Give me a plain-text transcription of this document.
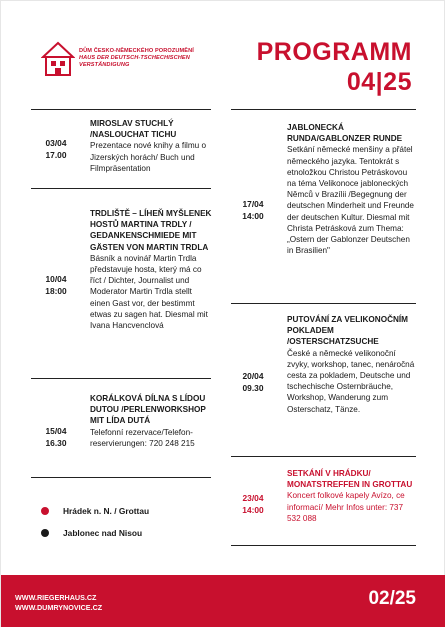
DŮM ČESKO-NĚMECKÉHO POROZUMĚNÍ
HAUS DER DEUTSCH-TSCHECHISCHEN
VERSTÄNDIGUNG	PROGRAMM
04|25
03/04
17.00
MIROSLAV STUCHLÝ /NASLOUCHAT TICHU
Prezentace nové knihy a filmu o Jizerských horách/ Buch und Filmpräsentation
10/04
18:00
TRDLIŠTĚ – LÍHEŇ MYŠLENEK HOSTŮ MARTINA TRDLY / GEDANKENSCHMIEDE MIT GÄSTEN VON MARTIN TRDLA
Básník a novinář Martin Trdla představuje hosta, který má co říct / Dichter, Journalist und Moderator Martin Trdla stellt einen Gast vor, der bestimmt etwas zu sagen hat. Diesmal mit Ivana Hancvenclová
15/04
16.30
KORÁLKOVÁ DÍLNA S LÍDOU DUTOU /PERLENWORKSHOP MIT LÍDA DUTÁ
Telefonní rezervace/Telefon-reservierungen: 720 248 215
Hrádek n. N. / Grottau
Jablonec nad Nisou
17/04
14:00
JABLONECKÁ RUNDA/GABLONZER RUNDE
Setkání německé menšiny a přátel německého jazyka. Tentokrát s etnoložkou Christou Petráskovou na téma Velikonoce jabloneckých Němců v Brazílii /Begegnung der deutschen Minderheit und Freunde der deutschen Kultur. Diesmal mit Christa Petrásková zum Thema: „Ostern der Gablonzer Deutschen in Brasilien"
20/04
09.30
PUTOVÁNÍ ZA VELIKONOČNÍM POKLADEM /OSTERSCHATZSUCHE
České a německé velikonoční zvyky, workshop, tanec, nenáročná cesta za pokladem, Deutsche und tschechische Osternbräuche, Workshop, Wanderung zum Osterschatz, Tänze.
23/04
14:00
SETKÁNÍ V HRÁDKU/ MONATSTREFFEN IN GROTTAU
Koncert folkové kapely Avízo, ce informací/ Mehr Infos unter: 737 532 088
WWW.RIEGERHAUS.CZ
WWW.DUMRYNOVICE.CZ	02/25
